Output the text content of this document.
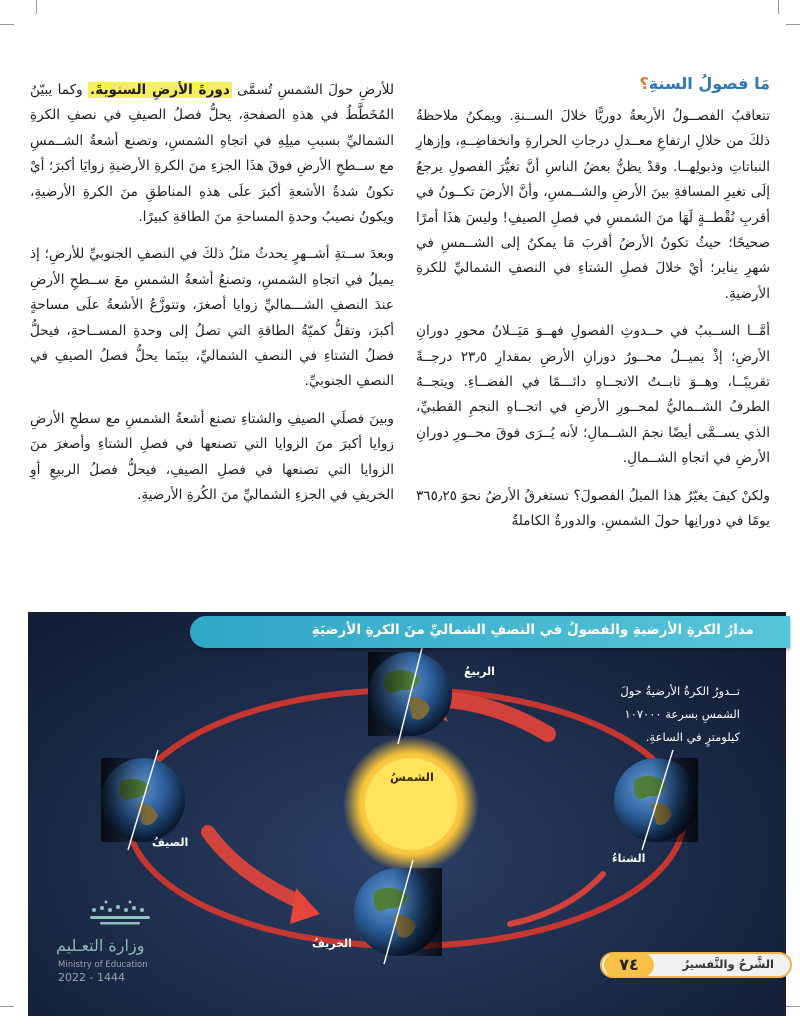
مَا فصولُ السنةِ؟

تتعاقبُ الفصــولُ الأربعةُ دوريًّا خلالَ الســنةِ. ويمكنُ ملاحظةُ ذلكَ من خلالِ ارتفاعِ معــدلِ درجاتِ الحرارةِ وانخفاضِــهِ، وإزهارِ النباتاتِ وذبولِهــا. وقدْ يظنُّ بعضُ الناسِ أنَّ تغيُّرَ الفصولِ يرجعُ إلَى تغيرِ المسافةِ بينَ الأرضِ والشــمسِ، وأنَّ الأرضَ تكــونُ في أقربِ نُقْطــةٍ لَهَا منَ الشمسِ في فصلِ الصيفِ! وليسَ هذَا أمرًا صحيحًا؛ حيثُ تكونُ الأرضُ أقربَ مَا يمكنُ إلى الشــمسِ في شهرِ يناير؛ أيْ خلالَ فصلِ الشتاءِ في النصفِ الشماليِّ للكرةِ الأرضيةِ.

أمَّــا الســببُ في حــدوثِ الفصولِ فهــوَ مَيَــلانُ محورِ دورانِ الأرضِ؛ إذْ يميــلُ محــورُ دورانِ الأرضِ بمقدارِ ٢٣٫٥ درجــةً تقريبًــا، وهــوَ ثابــتُ الاتجــاهِ دائـــمًا في الفضــاءِ. ويتجــهُ الطرفُ الشــماليُّ لمحــورِ الأرضِ في اتجــاهِ النجمِ القطبيِّ، الذي يســمَّى أيضًا نجمَ الشــمالِ؛ لأنه يُــرَى فوقَ محــورِ دورانِ الأرضِ في اتجاهِ الشــمالِ.

ولكنْ كيفَ يغيّرُ هذا الميلُ الفصولَ؟ تستغرقُ الأرضُ نحوَ ٣٦٥٫٢٥ يومًا في دورانِها حولَ الشمسِ. والدورةُ الكاملةُ

للأرضِ حولَ الشمسِ تُسمَّى دورةَ الأرضِ السنويةَ. وكما يبيّنُ المُخَطَّطُ في هذهِ الصفحةِ، يحلُّ فصلُ الصيفِ في نصفِ الكرةِ الشماليِّ بسببِ ميلِهِ في اتجاهِ الشمسِ، وتصنع أشعةُ الشــمسِ مع ســطحِ الأرضِ فوقَ هذَا الجزءِ منَ الكرةِ الأرضيةِ زوايَا أكبرَ؛ أيْ تكونُ شدةُ الأشعةِ أكبرَ علَى هذهِ المناطقِ منَ الكرةِ الأرضيةِ، ويكونُ نصيبُ وحدةِ المساحةِ منَ الطاقةِ كبيرًا.

وبعدَ ســتةِ أشــهرٍ يحدثُ مثلُ ذلكَ في النصفِ الجنوبيِّ للأرضِ؛ إذ يميلُ في اتجاهِ الشمسِ، وتصنعُ أشعةُ الشمسِ معَ ســطحِ الأرضِ عندَ النصفِ الشـــماليِّ زوايا أصغرَ، وتتوزَّعُ الأشعةُ علَى مساحةٍ أكبرَ، وتقلُّ كميّةُ الطاقةِ التي تصلُ إلى وحدةِ المســاحةِ، فيحلُّ فصلُ الشتاءِ في النصفِ الشماليِّ، بينَما يحلُّ فصلُ الصيفِ في النصفِ الجنوبيِّ.

وبينَ فصلَي الصيفِ والشتاءِ تصنع أشعةُ الشمسِ مع سطحِ الأرضِ زوايا أكبرَ منَ الزوايا التي تصنعها في فصلِ الشتاءِ وأصغرَ منَ الزوايا التي تصنعها في فصلِ الصيفِ، فيحلُّ فصلُ الربيعِ أوِ الخريفِ في الجزءِ الشماليِّ منَ الكُرةِ الأرضيةِ.

مدارُ الكرةِ الأرضيةِ والفصولُ في النصفِ الشماليِّ منَ الكرةِ الأرضيَةِ
الشمسُ
الربيعُ
الصيفُ
الشتاءُ
الخريفُ
تــدورُ الكرةُ الأرضيةُ حولَ
الشمسِ بسرعة ١٠٧٠٠٠
كيلومترٍ في الساعةِ.
وزارة التعـليم
Ministry of Education
2022 - 1444
٧٤	الشَّرحُ والتَّفسيرُ
